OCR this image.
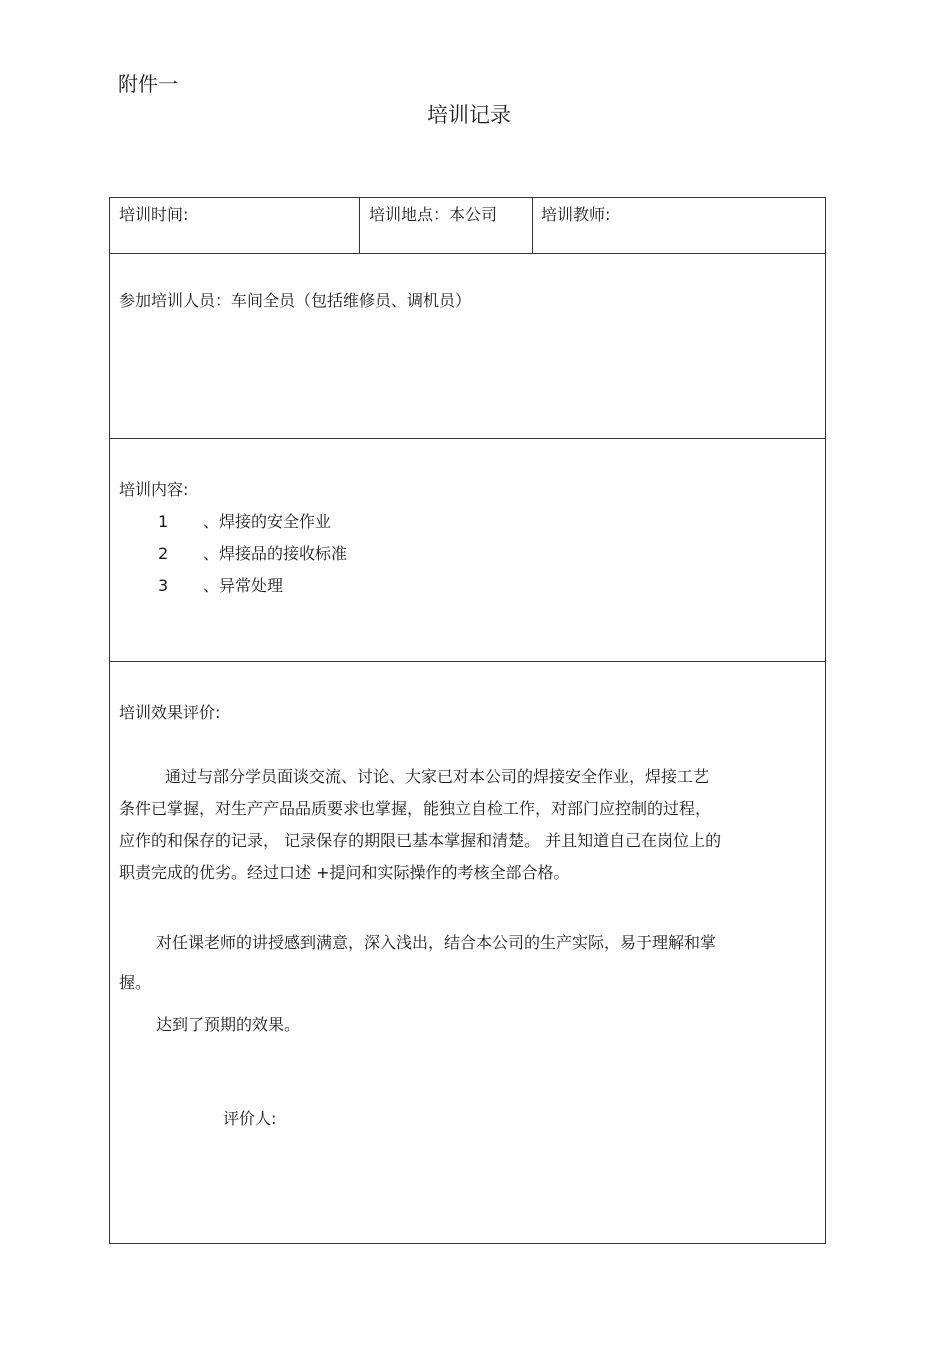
附件一
培训记录
培训时间:	培训地点：本公司	培训教师:
参加培训人员：车间全员（包括维修员、调机员）
培训内容:
1 、焊接的安全作业
2 、焊接品的接收标准
3 、异常处理
培训效果评价:
通过与部分学员面谈交流、讨论、大家已对本公司的焊接安全作业，焊接工艺
条件已掌握，对生产产品品质要求也掌握，能独立自检工作，对部门应控制的过程，
应作的和保存的记录， 记录保存的期限已基本掌握和清楚。 并且知道自己在岗位上的
职责完成的优劣。经过口述 +提问和实际操作的考核全部合格。
对任课老师的讲授感到满意，深入浅出，结合本公司的生产实际，易于理解和掌
握。
达到了预期的效果。
评价人:
